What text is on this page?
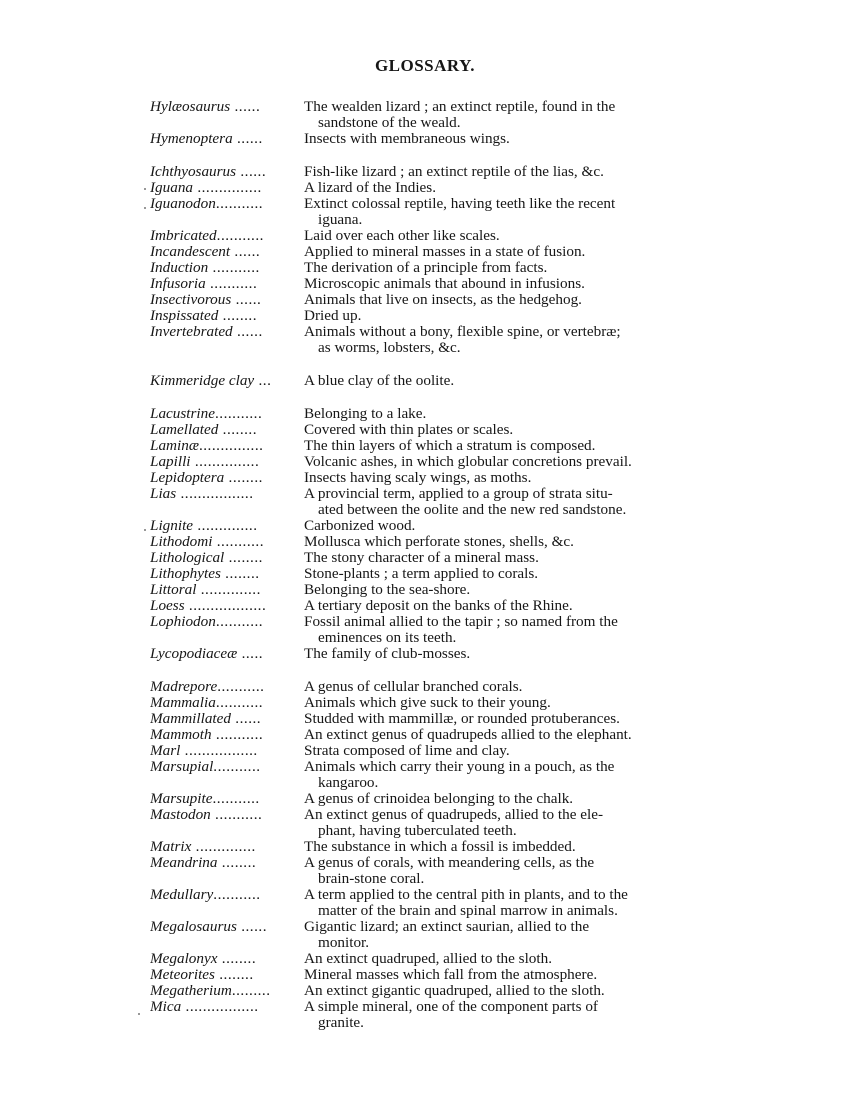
GLOSSARY.
Hylæosaurus ......	The wealden lizard ; an extinct reptile, found in the
sandstone of the weald.
Hymenoptera ......	Insects with membraneous wings.
Ichthyosaurus ......	Fish-like lizard ; an extinct reptile of the lias, &c.
Iguana ...............	A lizard of the Indies.
Iguanodon...........	Extinct colossal reptile, having teeth like the recent
iguana.
Imbricated...........	Laid over each other like scales.
Incandescent ......	Applied to mineral masses in a state of fusion.
Induction ...........	The derivation of a principle from facts.
Infusoria ...........	Microscopic animals that abound in infusions.
Insectivorous ......	Animals that live on insects, as the hedgehog.
Inspissated ........	Dried up.
Invertebrated ......	Animals without a bony, flexible spine, or vertebræ;
as worms, lobsters, &c.
Kimmeridge clay ...	A blue clay of the oolite.
Lacustrine...........	Belonging to a lake.
Lamellated ........	Covered with thin plates or scales.
Laminæ...............	The thin layers of which a stratum is composed.
Lapilli ...............	Volcanic ashes, in which globular concretions prevail.
Lepidoptera ........	Insects having scaly wings, as moths.
Lias .................	A provincial term, applied to a group of strata situ-
ated between the oolite and the new red sandstone.
Lignite ..............	Carbonized wood.
Lithodomi ...........	Mollusca which perforate stones, shells, &c.
Lithological ........	The stony character of a mineral mass.
Lithophytes ........	Stone-plants ; a term applied to corals.
Littoral ..............	Belonging to the sea-shore.
Loess ..................	A tertiary deposit on the banks of the Rhine.
Lophiodon...........	Fossil animal allied to the tapir ; so named from the
eminences on its teeth.
Lycopodiaceæ .....	The family of club-mosses.
Madrepore...........	A genus of cellular branched corals.
Mammalia...........	Animals which give suck to their young.
Mammillated ......	Studded with mammillæ, or rounded protuberances.
Mammoth ...........	An extinct genus of quadrupeds allied to the elephant.
Marl .................	Strata composed of lime and clay.
Marsupial...........	Animals which carry their young in a pouch, as the
kangaroo.
Marsupite...........	A genus of crinoidea belonging to the chalk.
Mastodon ...........	An extinct genus of quadrupeds, allied to the ele-
phant, having tuberculated teeth.
Matrix ..............	The substance in which a fossil is imbedded.
Meandrina ........	A genus of corals, with meandering cells, as the
brain-stone coral.
Medullary...........	A term applied to the central pith in plants, and to the
matter of the brain and spinal marrow in animals.
Megalosaurus ......	Gigantic lizard; an extinct saurian, allied to the
monitor.
Megalonyx ........	An extinct quadruped, allied to the sloth.
Meteorites ........	Mineral masses which fall from the atmosphere.
Megatherium.........	An extinct gigantic quadruped, allied to the sloth.
Mica .................	A simple mineral, one of the component parts of
granite.
